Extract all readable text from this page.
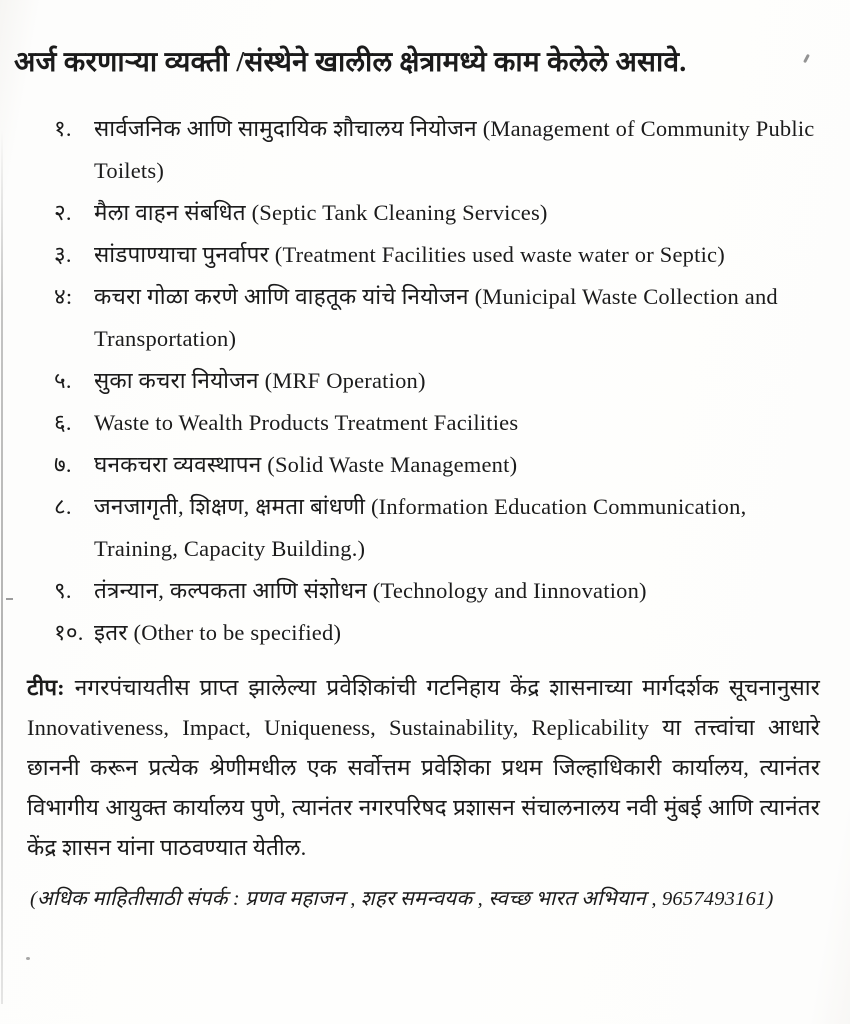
अर्ज करणाऱ्या व्यक्ती /संस्थेने खालील क्षेत्रामध्ये काम केलेले असावे.
१. सार्वजनिक आणि सामुदायिक शौचालय नियोजन (Management of Community Public Toilets)
२. मैला वाहन संबधित (Septic Tank Cleaning Services)
३. सांडपाण्याचा पुनर्वापर (Treatment Facilities used waste water or Septic)
४: कचरा गोळा करणे आणि वाहतूक यांचे नियोजन (Municipal Waste Collection and Transportation)
५. सुका कचरा नियोजन (MRF Operation)
६. Waste to Wealth Products Treatment Facilities
७. घनकचरा व्यवस्थापन (Solid Waste Management)
८. जनजागृती, शिक्षण, क्षमता बांधणी (Information Education Communication, Training, Capacity Building.)
९. तंत्रन्यान, कल्पकता आणि संशोधन (Technology and Iinnovation)
१०. इतर (Other to be specified)

टीप: नगरपंचायतीस प्राप्त झालेल्या प्रवेशिकांची गटनिहाय केंद्र शासनाच्या मार्गदर्शक सूचनानुसार Innovativeness, Impact, Uniqueness, Sustainability, Replicability या तत्त्वांचा आधारे छाननी करून प्रत्येक श्रेणीमधील एक सर्वोत्तम प्रवेशिका प्रथम जिल्हाधिकारी कार्यालय, त्यानंतर विभागीय आयुक्त कार्यालय पुणे, त्यानंतर नगरपरिषद प्रशासन संचालनालय नवी मुंबई आणि त्यानंतर केंद्र शासन यांना पाठवण्यात येतील.

(अधिक माहितीसाठी संपर्क : प्रणव महाजन , शहर समन्वयक , स्वच्छ भारत अभियान , 9657493161)
